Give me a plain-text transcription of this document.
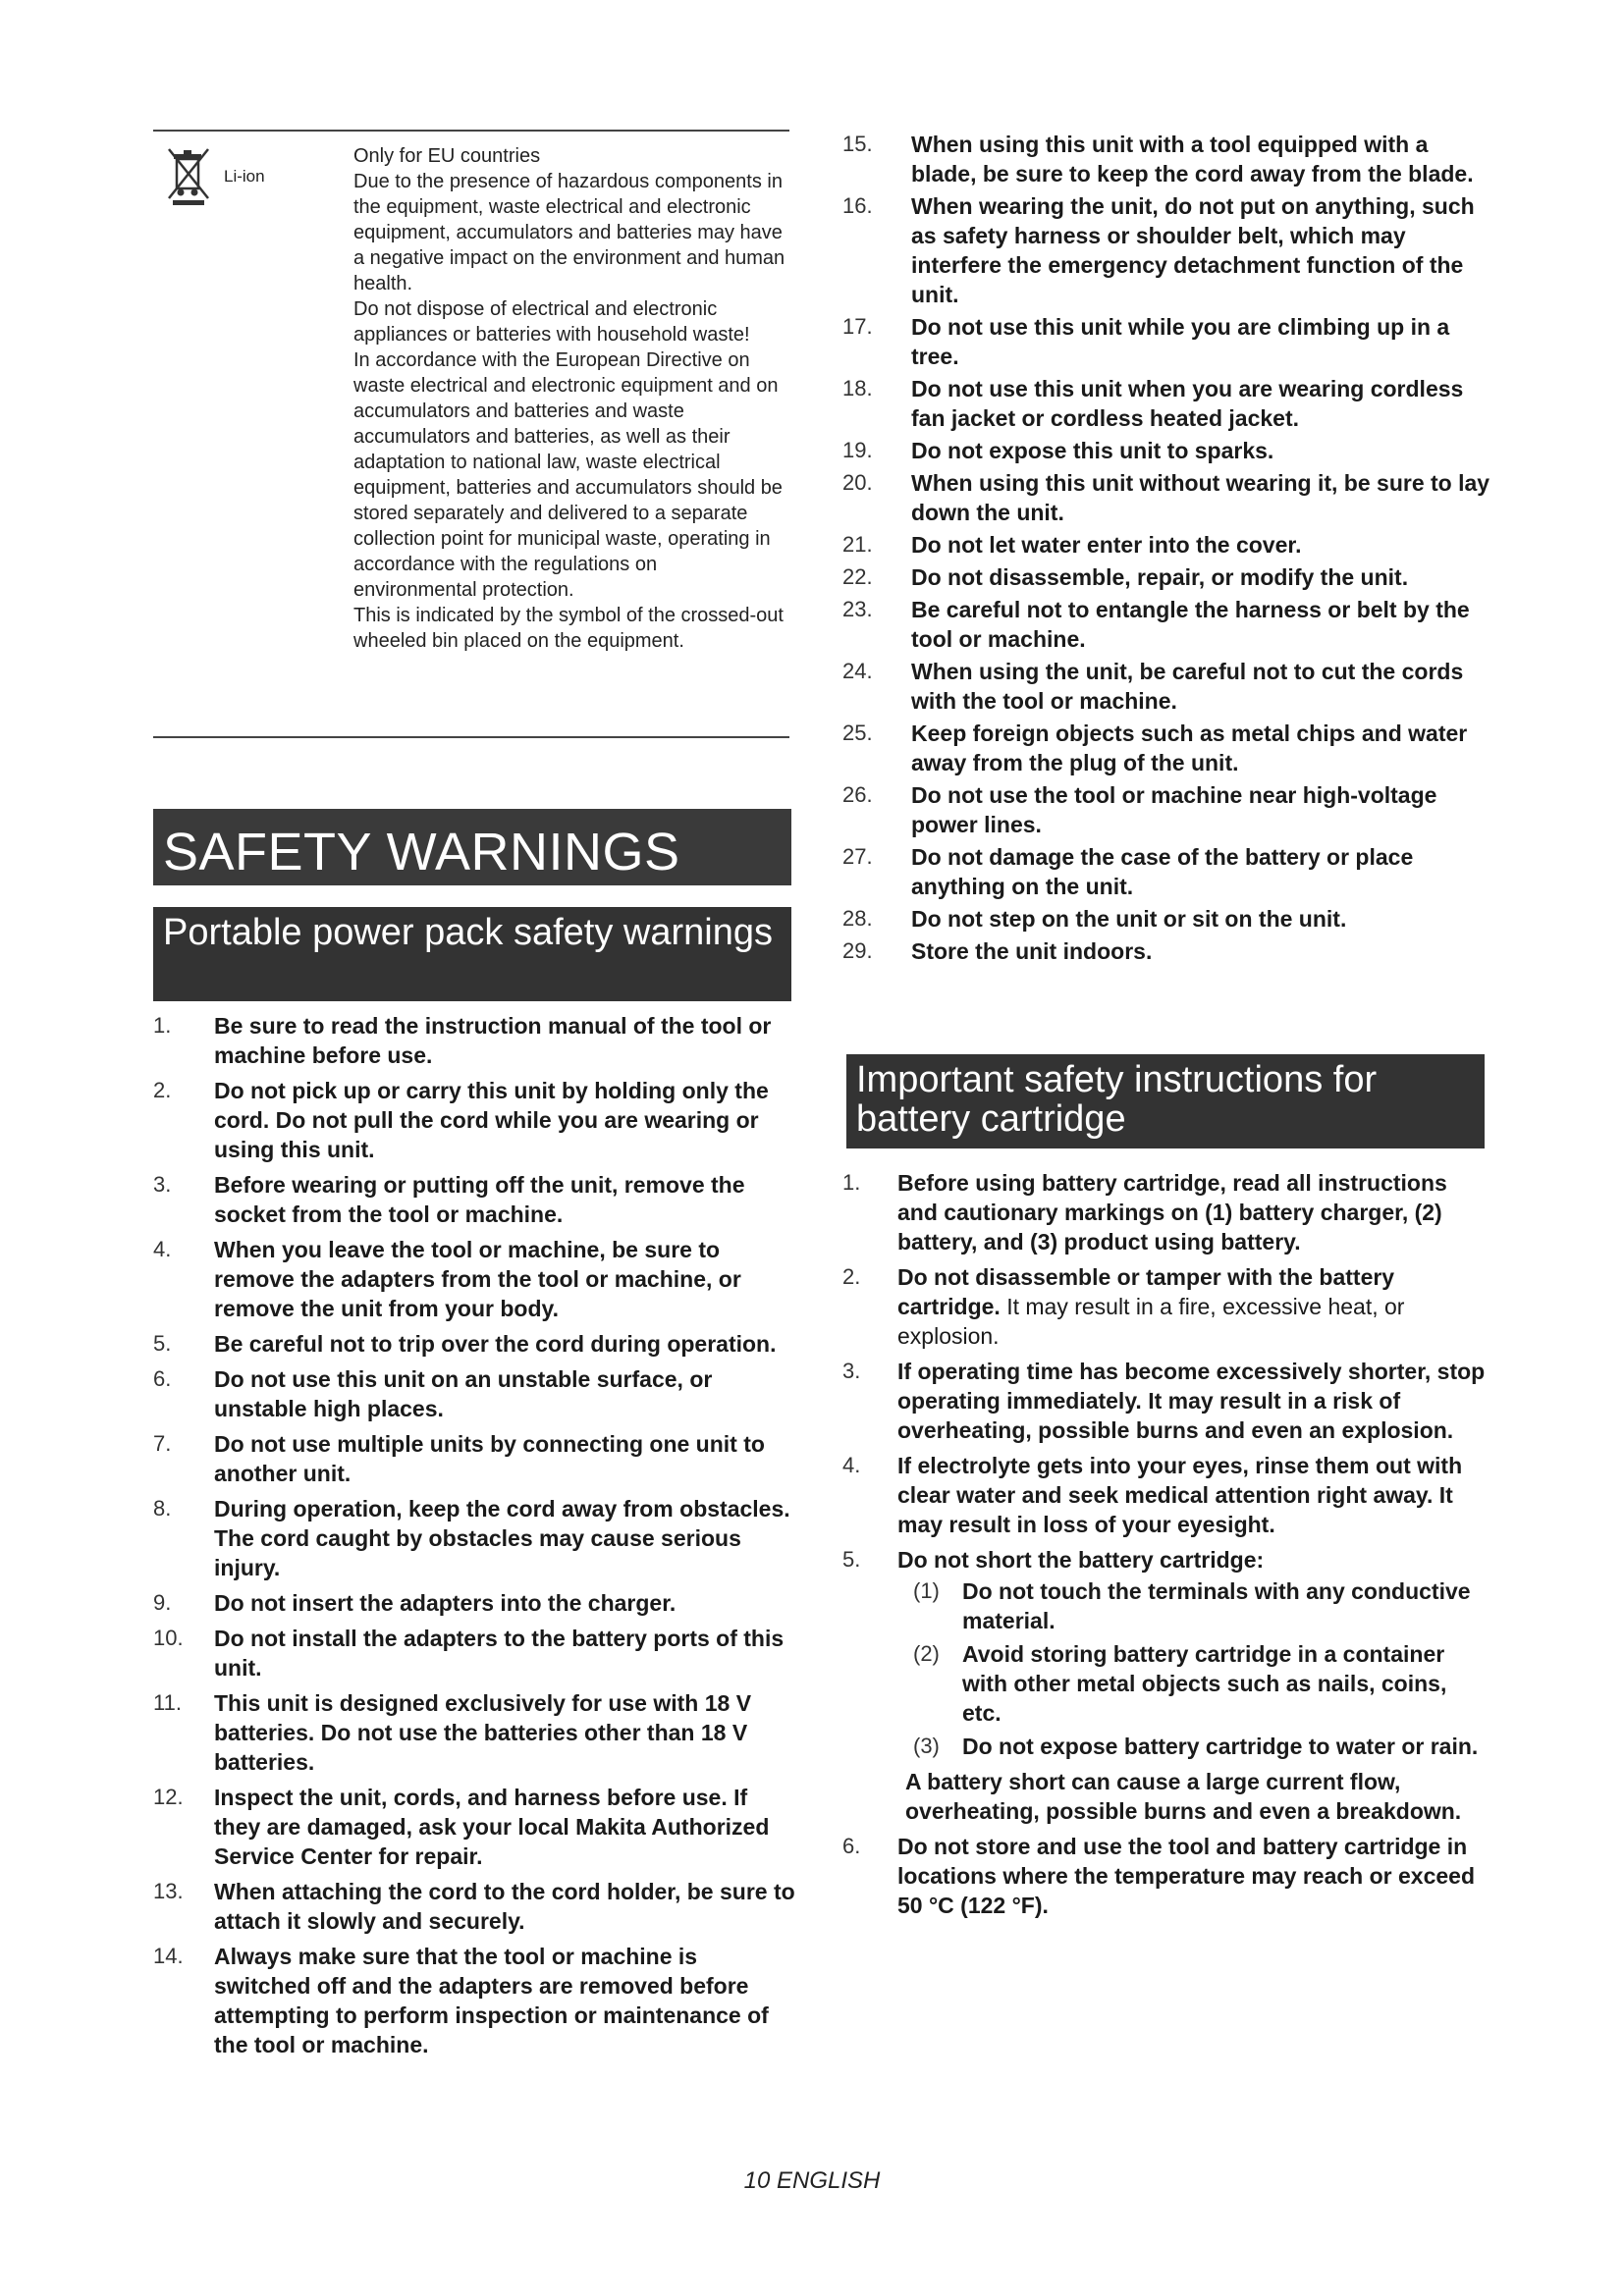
Li-ion

Only for EU countries

Due to the presence of hazardous components in the equipment, waste electrical and electronic equipment, accumulators and batteries may have a negative impact on the environment and human health.

Do not dispose of electrical and electronic appliances or batteries with household waste!

In accordance with the European Directive on waste electrical and electronic equipment and on accumulators and batteries and waste accumulators and batteries, as well as their adaptation to national law, waste electrical equipment, batteries and accumulators should be stored separately and delivered to a separate collection point for municipal waste, operating in accordance with the regulations on environmental protection.

This is indicated by the symbol of the crossed-out wheeled bin placed on the equipment.

SAFETY WARNINGS
Portable power pack safety warnings
1. Be sure to read the instruction manual of the tool or machine before use.
2. Do not pick up or carry this unit by holding only the cord. Do not pull the cord while you are wearing or using this unit.
3. Before wearing or putting off the unit, remove the socket from the tool or machine.
4. When you leave the tool or machine, be sure to remove the adapters from the tool or machine, or remove the unit from your body.
5. Be careful not to trip over the cord during operation.
6. Do not use this unit on an unstable surface, or unstable high places.
7. Do not use multiple units by connecting one unit to another unit.
8. During operation, keep the cord away from obstacles. The cord caught by obstacles may cause serious injury.
9. Do not insert the adapters into the charger.
10. Do not install the adapters to the battery ports of this unit.
11. This unit is designed exclusively for use with 18 V batteries. Do not use the batteries other than 18 V batteries.
12. Inspect the unit, cords, and harness before use. If they are damaged, ask your local Makita Authorized Service Center for repair.
13. When attaching the cord to the cord holder, be sure to attach it slowly and securely.
14. Always make sure that the tool or machine is switched off and the adapters are removed before attempting to perform inspection or maintenance of the tool or machine.
15. When using this unit with a tool equipped with a blade, be sure to keep the cord away from the blade.
16. When wearing the unit, do not put on anything, such as safety harness or shoulder belt, which may interfere the emergency detachment function of the unit.
17. Do not use this unit while you are climbing up in a tree.
18. Do not use this unit when you are wearing cordless fan jacket or cordless heated jacket.
19. Do not expose this unit to sparks.
20. When using this unit without wearing it, be sure to lay down the unit.
21. Do not let water enter into the cover.
22. Do not disassemble, repair, or modify the unit.
23. Be careful not to entangle the harness or belt by the tool or machine.
24. When using the unit, be careful not to cut the cords with the tool or machine.
25. Keep foreign objects such as metal chips and water away from the plug of the unit.
26. Do not use the tool or machine near high-voltage power lines.
27. Do not damage the case of the battery or place anything on the unit.
28. Do not step on the unit or sit on the unit.
29. Store the unit indoors.
Important safety instructions for battery cartridge
1. Before using battery cartridge, read all instructions and cautionary markings on (1) battery charger, (2) battery, and (3) product using battery.
2. Do not disassemble or tamper with the battery cartridge. It may result in a fire, excessive heat, or explosion.
3. If operating time has become excessively shorter, stop operating immediately. It may result in a risk of overheating, possible burns and even an explosion.
4. If electrolyte gets into your eyes, rinse them out with clear water and seek medical attention right away. It may result in loss of your eyesight.
5. Do not short the battery cartridge:
(1) Do not touch the terminals with any conductive material.
(2) Avoid storing battery cartridge in a container with other metal objects such as nails, coins, etc.
(3) Do not expose battery cartridge to water or rain.
A battery short can cause a large current flow, overheating, possible burns and even a breakdown.
6. Do not store and use the tool and battery cartridge in locations where the temperature may reach or exceed 50 °C (122 °F).
10 ENGLISH
